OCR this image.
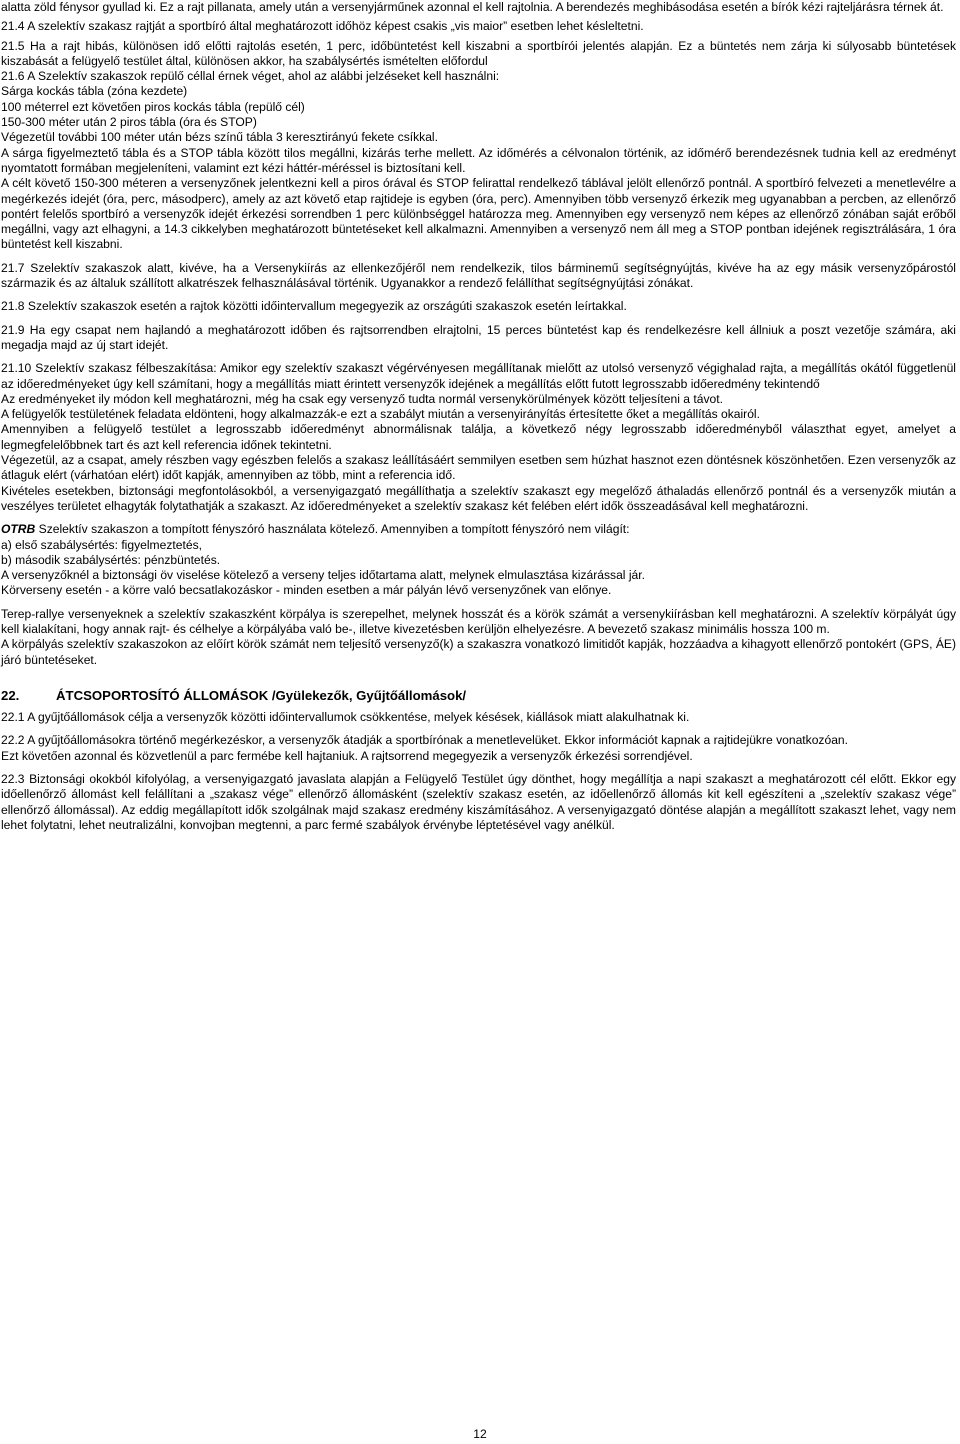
alatta zöld fénysor gyullad ki. Ez a rajt pillanata, amely után a versenyjárműnek azonnal el kell rajtolnia. A berendezés meghibásodása esetén a bírók kézi rajteljárásra térnek át.

21.4 A szelektív szakasz rajtját a sportbíró által meghatározott időhöz képest csakis „vis maior” esetben lehet késleltetni.

21.5 Ha a rajt hibás, különösen idő előtti rajtolás esetén, 1 perc, időbüntetést kell kiszabni a sportbírói jelentés alapján. Ez a büntetés nem zárja ki súlyosabb büntetések kiszabását a felügyelő testület által, különösen akkor, ha szabálysértés ismételten előfordul

21.6 A Szelektív szakaszok repülő céllal érnek véget, ahol az alábbi jelzéseket kell használni:

Sárga kockás tábla (zóna kezdete)

100 méterrel ezt követően piros kockás tábla (repülő cél)

150-300 méter után 2 piros tábla (óra és STOP)

Végezetül további 100 méter után bézs színű tábla 3 keresztirányú fekete csíkkal.

A sárga figyelmeztető tábla és a STOP tábla között tilos megállni, kizárás terhe mellett. Az időmérés a célvonalon történik, az időmérő berendezésnek tudnia kell az eredményt nyomtatott formában megjeleníteni, valamint ezt kézi háttér-méréssel is biztosítani kell.

A célt követő 150-300 méteren a versenyzőnek jelentkezni kell a piros órával és STOP felirattal rendelkező táblával jelölt ellenőrző pontnál. A sportbíró felvezeti a menetlevélre a megérkezés idejét (óra, perc, másodperc), amely az azt követő etap rajtideje is egyben (óra, perc). Amennyiben több versenyző érkezik meg ugyanabban a percben, az ellenőrző pontért felelős sportbíró a versenyzők idejét érkezési sorrendben 1 perc különbséggel határozza meg. Amennyiben egy versenyző nem képes az ellenőrző zónában saját erőből megállni, vagy azt elhagyni, a 14.3 cikkelyben meghatározott büntetéseket kell alkalmazni. Amennyiben a versenyző nem áll meg a STOP pontban idejének regisztrálására, 1 óra büntetést kell kiszabni.

21.7 Szelektív szakaszok alatt, kivéve, ha a Versenykiírás az ellenkezőjéről nem rendelkezik, tilos bárminemű segítségnyújtás, kivéve ha az egy másik versenyzőpárostól származik és az általuk szállított alkatrészek felhasználásával történik. Ugyanakkor a rendező felállíthat segítségnyújtási zónákat.

21.8 Szelektív szakaszok esetén a rajtok közötti időintervallum megegyezik az országúti szakaszok esetén leírtakkal.

21.9 Ha egy csapat nem hajlandó a meghatározott időben és rajtsorrendben elrajtolni, 15 perces büntetést kap és rendelkezésre kell állniuk a poszt vezetője számára, aki megadja majd az új start idejét.

21.10 Szelektív szakasz félbeszakítása: Amikor egy szelektív szakaszt végérvényesen megállítanak mielőtt az utolsó versenyző végighalad rajta, a megállítás okától függetlenül az időeredményeket úgy kell számítani, hogy a megállítás miatt érintett versenyzők idejének a megállítás előtt futott legrosszabb időeredmény tekintendő

Az eredményeket ily módon kell meghatározni, még ha csak egy versenyző tudta normál versenykörülmények között teljesíteni a távot.

A felügyelők testületének feladata eldönteni, hogy alkalmazzák-e ezt a szabályt miután a versenyirányítás értesítette őket a megállítás okairól.

Amennyiben a felügyelő testület a legrosszabb időeredményt abnormálisnak találja, a következő négy legrosszabb időeredményből választhat egyet, amelyet a legmegfelelőbbnek tart és azt kell referencia időnek tekintetni.

Végezetül, az a csapat, amely részben vagy egészben felelős a szakasz leállításáért semmilyen esetben sem húzhat hasznot ezen döntésnek köszönhetően. Ezen versenyzők az átlaguk elért (várhatóan elért) időt kapják, amennyiben az több, mint a referencia idő.

Kivételes esetekben, biztonsági megfontolásokból, a versenyigazgató megállíthatja a szelektív szakaszt egy megelőző áthaladás ellenőrző pontnál és a versenyzők miután a veszélyes területet elhagyták folytathatják a szakaszt. Az időeredményeket a szelektív szakasz két felében elért idők összeadásával kell meghatározni.

OTRB Szelektív szakaszon a tompított fényszóró használata kötelező. Amennyiben a tompított fényszóró nem világít:

a) első szabálysértés: figyelmeztetés,

b) második szabálysértés: pénzbüntetés.

A versenyzőknél a biztonsági öv viselése kötelező a verseny teljes időtartama alatt, melynek elmulasztása kizárással jár.

Körverseny esetén - a körre való becsatlakozáskor - minden esetben a már pályán lévő versenyzőnek van előnye.

Terep-rallye versenyeknek a szelektív szakaszként körpálya is szerepelhet, melynek hosszát és a körök számát a versenykiírásban kell meghatározni. A szelektív körpályát úgy kell kialakítani, hogy annak rajt- és célhelye a körpályába való be-, illetve kivezetésben kerüljön elhelyezésre. A bevezető szakasz minimális hossza 100 m.

A körpályás szelektív szakaszokon az előírt körök számát nem teljesítő versenyző(k) a szakaszra vonatkozó limitidőt kapják, hozzáadva a kihagyott ellenőrző pontokért (GPS, ÁE) járó büntetéseket.

22.	ÁTCSOPORTOSÍTÓ ÁLLOMÁSOK /Gyülekezők, Gyűjtőállomások/

22.1 A gyűjtőállomások célja a versenyzők közötti időintervallumok csökkentése, melyek késések, kiállások miatt alakulhatnak ki.

22.2 A gyűjtőállomásokra történő megérkezéskor, a versenyzők átadják a sportbírónak a menetlevelüket. Ekkor információt kapnak a rajtidejükre vonatkozóan.

Ezt követően azonnal és közvetlenül a parc fermébe kell hajtaniuk. A rajtsorrend megegyezik a versenyzők érkezési sorrendjével.

22.3 Biztonsági okokból kifolyólag, a versenyigazgató javaslata alapján a Felügyelő Testület úgy dönthet, hogy megállítja a napi szakaszt a meghatározott cél előtt. Ekkor egy időellenőrző állomást kell felállítani a „szakasz vége” ellenőrző állomásként (szelektív szakasz esetén, az időellenőrző állomás kit kell egészíteni a „szelektív szakasz vége” ellenőrző állomással). Az eddig megállapított idők szolgálnak majd szakasz eredmény kiszámításához. A versenyigazgató döntése alapján a megállított szakaszt lehet, vagy nem lehet folytatni, lehet neutralizálni, konvojban megtenni, a parc fermé szabályok érvénybe léptetésével vagy anélkül.

12
